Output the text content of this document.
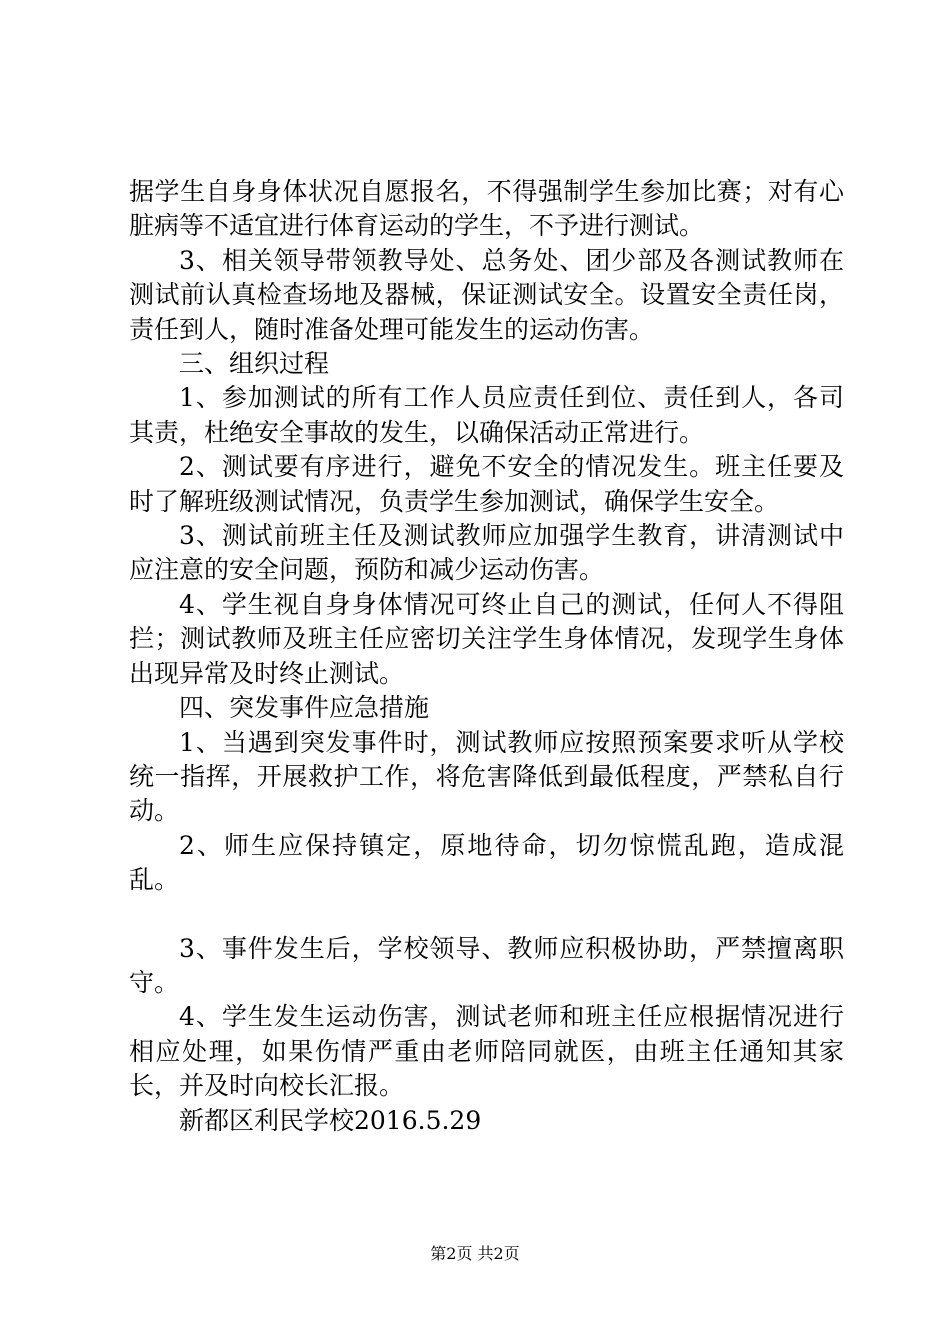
据学生自身身体状况自愿报名，不得强制学生参加比赛；对有心脏病等不适宜进行体育运动的学生，不予进行测试。

3、相关领导带领教导处、总务处、团少部及各测试教师在测试前认真检查场地及器械，保证测试安全。设置安全责任岗，责任到人，随时准备处理可能发生的运动伤害。

三、组织过程

1、参加测试的所有工作人员应责任到位、责任到人，各司其责，杜绝安全事故的发生，以确保活动正常进行。

2、测试要有序进行，避免不安全的情况发生。班主任要及时了解班级测试情况，负责学生参加测试，确保学生安全。

3、测试前班主任及测试教师应加强学生教育，讲清测试中应注意的安全问题，预防和减少运动伤害。

4、学生视自身身体情况可终止自己的测试，任何人不得阻拦；测试教师及班主任应密切关注学生身体情况，发现学生身体出现异常及时终止测试。

四、突发事件应急措施

1、当遇到突发事件时，测试教师应按照预案要求听从学校统一指挥，开展救护工作，将危害降低到最低程度，严禁私自行动。

2、师生应保持镇定，原地待命，切勿惊慌乱跑，造成混乱。

3、事件发生后，学校领导、教师应积极协助，严禁擅离职守。

4、学生发生运动伤害，测试老师和班主任应根据情况进行相应处理，如果伤情严重由老师陪同就医，由班主任通知其家长，并及时向校长汇报。

新都区利民学校2016.5.29

第2页 共2页
